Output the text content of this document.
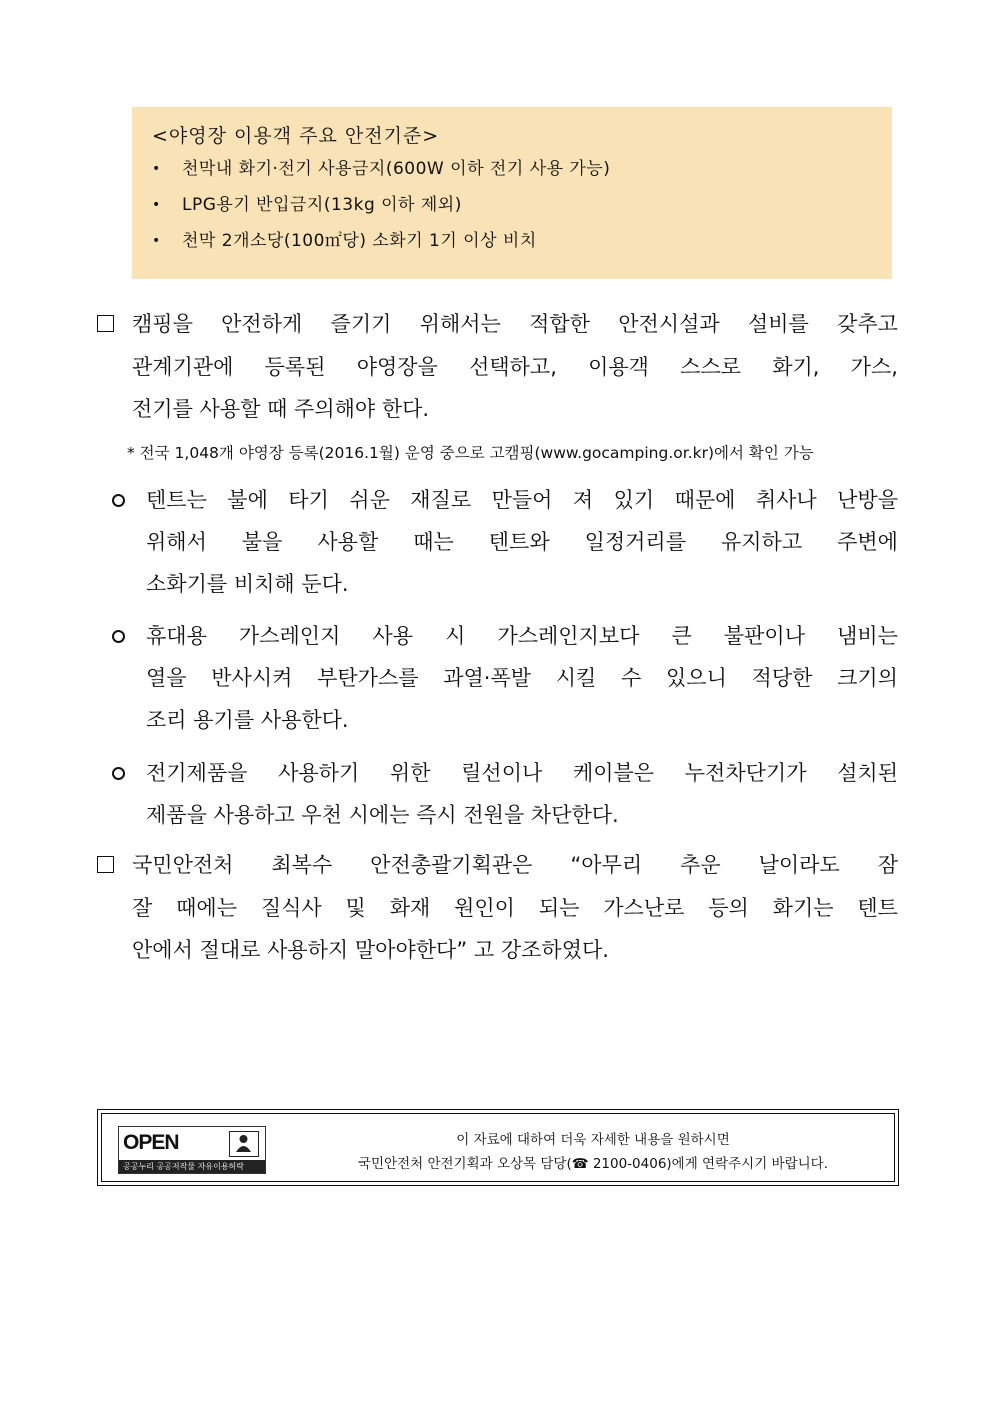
<야영장 이용객 주요 안전기준>
•	천막내 화기·전기 사용금지(600W 이하 전기 사용 가능)
•	LPG용기 반입금지(13kg 이하 제외)
•	천막 2개소당(100㎡당) 소화기 1기 이상 비치
캠핑을 안전하게 즐기기 위해서는 적합한 안전시설과 설비를 갖추고
관계기관에 등록된 야영장을 선택하고, 이용객 스스로 화기, 가스,
전기를 사용할 때 주의해야 한다.
* 전국 1,048개 야영장 등록(2016.1월) 운영 중으로 고캠핑(www.gocamping.or.kr)에서 확인 가능
텐트는 불에 타기 쉬운 재질로 만들어 져 있기 때문에 취사나 난방을
위해서 불을 사용할 때는 텐트와 일정거리를 유지하고 주변에
소화기를 비치해 둔다.
휴대용 가스레인지 사용 시 가스레인지보다 큰 불판이나 냄비는
열을 반사시켜 부탄가스를 과열·폭발 시킬 수 있으니 적당한 크기의
조리 용기를 사용한다.
전기제품을 사용하기 위한 릴선이나 케이블은 누전차단기가 설치된
제품을 사용하고 우천 시에는 즉시 전원을 차단한다.
국민안전처 최복수 안전총괄기획관은 “아무리 추운 날이라도 잠
잘 때에는 질식사 및 화재 원인이 되는 가스난로 등의 화기는 텐트
안에서 절대로 사용하지 말아야한다” 고 강조하였다.
OPEN
공공누리 공공저작물 자유이용허락
이 자료에 대하여 더욱 자세한 내용을 원하시면
국민안전처 안전기획과 오상목 담당(☎ 2100-0406)에게 연락주시기 바랍니다.
